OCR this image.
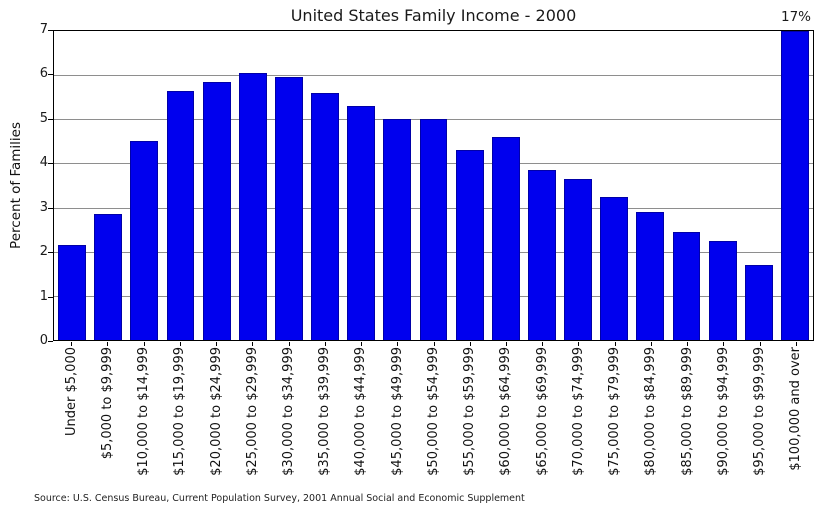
United States Family Income - 2000	17%
Percent of Families
0
1
2
3
4
5
6
7
Under $5,000 $5,000 to $9,999 $10,000 to $14,999 $15,000 to $19,999 $20,000 to $24,999 $25,000 to $29,999 $30,000 to $34,999 $35,000 to $39,999 $40,000 to $44,999 $45,000 to $49,999 $50,000 to $54,999 $55,000 to $59,999 $60,000 to $64,999 $65,000 to $69,999 $70,000 to $74,999 $75,000 to $79,999 $80,000 to $84,999 $85,000 to $89,999 $90,000 to $94,999 $95,000 to $99,999 $100,000 and over
Source: U.S. Census Bureau, Current Population Survey, 2001 Annual Social and Economic Supplement
